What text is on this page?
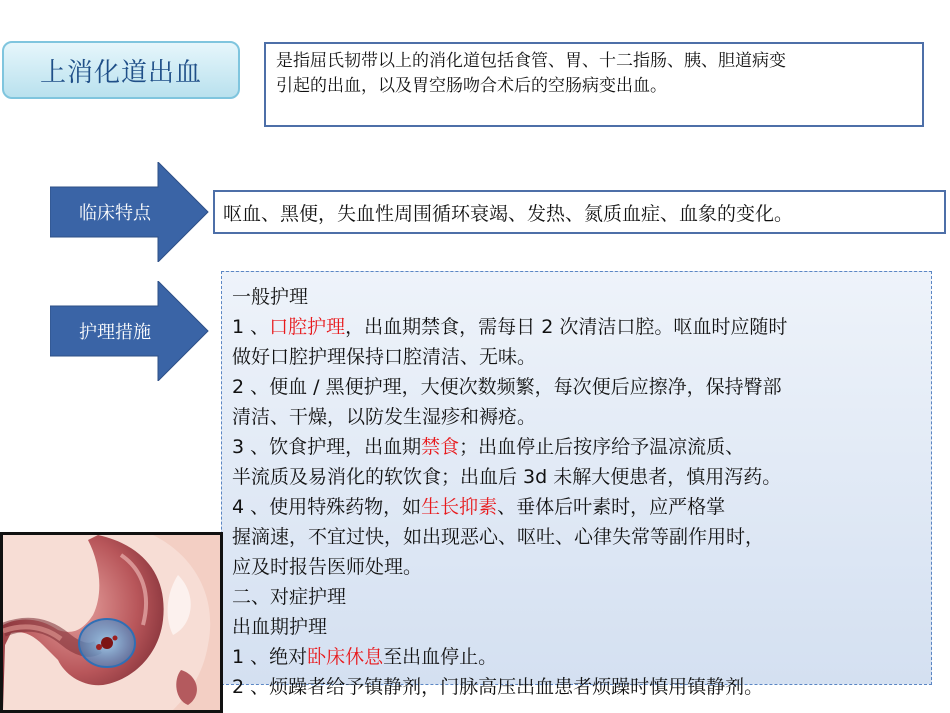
上消化道出血	是指屈氏韧带以上的消化道包括食管、胃、十二指肠、胰、胆道病变
引起的出血，以及胃空肠吻合术后的空肠病变出血。
临床特点	呕血、黑便，失血性周围循环衰竭、发热、氮质血症、血象的变化。
护理措施
一般护理
1 、口腔护理，出血期禁食，需每日 2 次清洁口腔。呕血时应随时
做好口腔护理保持口腔清洁、无味。
2 、便血 / 黑便护理，大便次数频繁，每次便后应擦净，保持臀部
清洁、干燥，以防发生湿疹和褥疮。
3 、饮食护理，出血期禁食；出血停止后按序给予温凉流质、
半流质及易消化的软饮食；出血后 3d 未解大便患者，慎用泻药。
4 、使用特殊药物，如生长抑素、垂体后叶素时，应严格掌
握滴速，不宜过快，如出现恶心、呕吐、心律失常等副作用时，
应及时报告医师处理。
二、对症护理
出血期护理
1 、绝对卧床休息至出血停止。
2 、烦躁者给予镇静剂，门脉高压出血患者烦躁时慎用镇静剂。
